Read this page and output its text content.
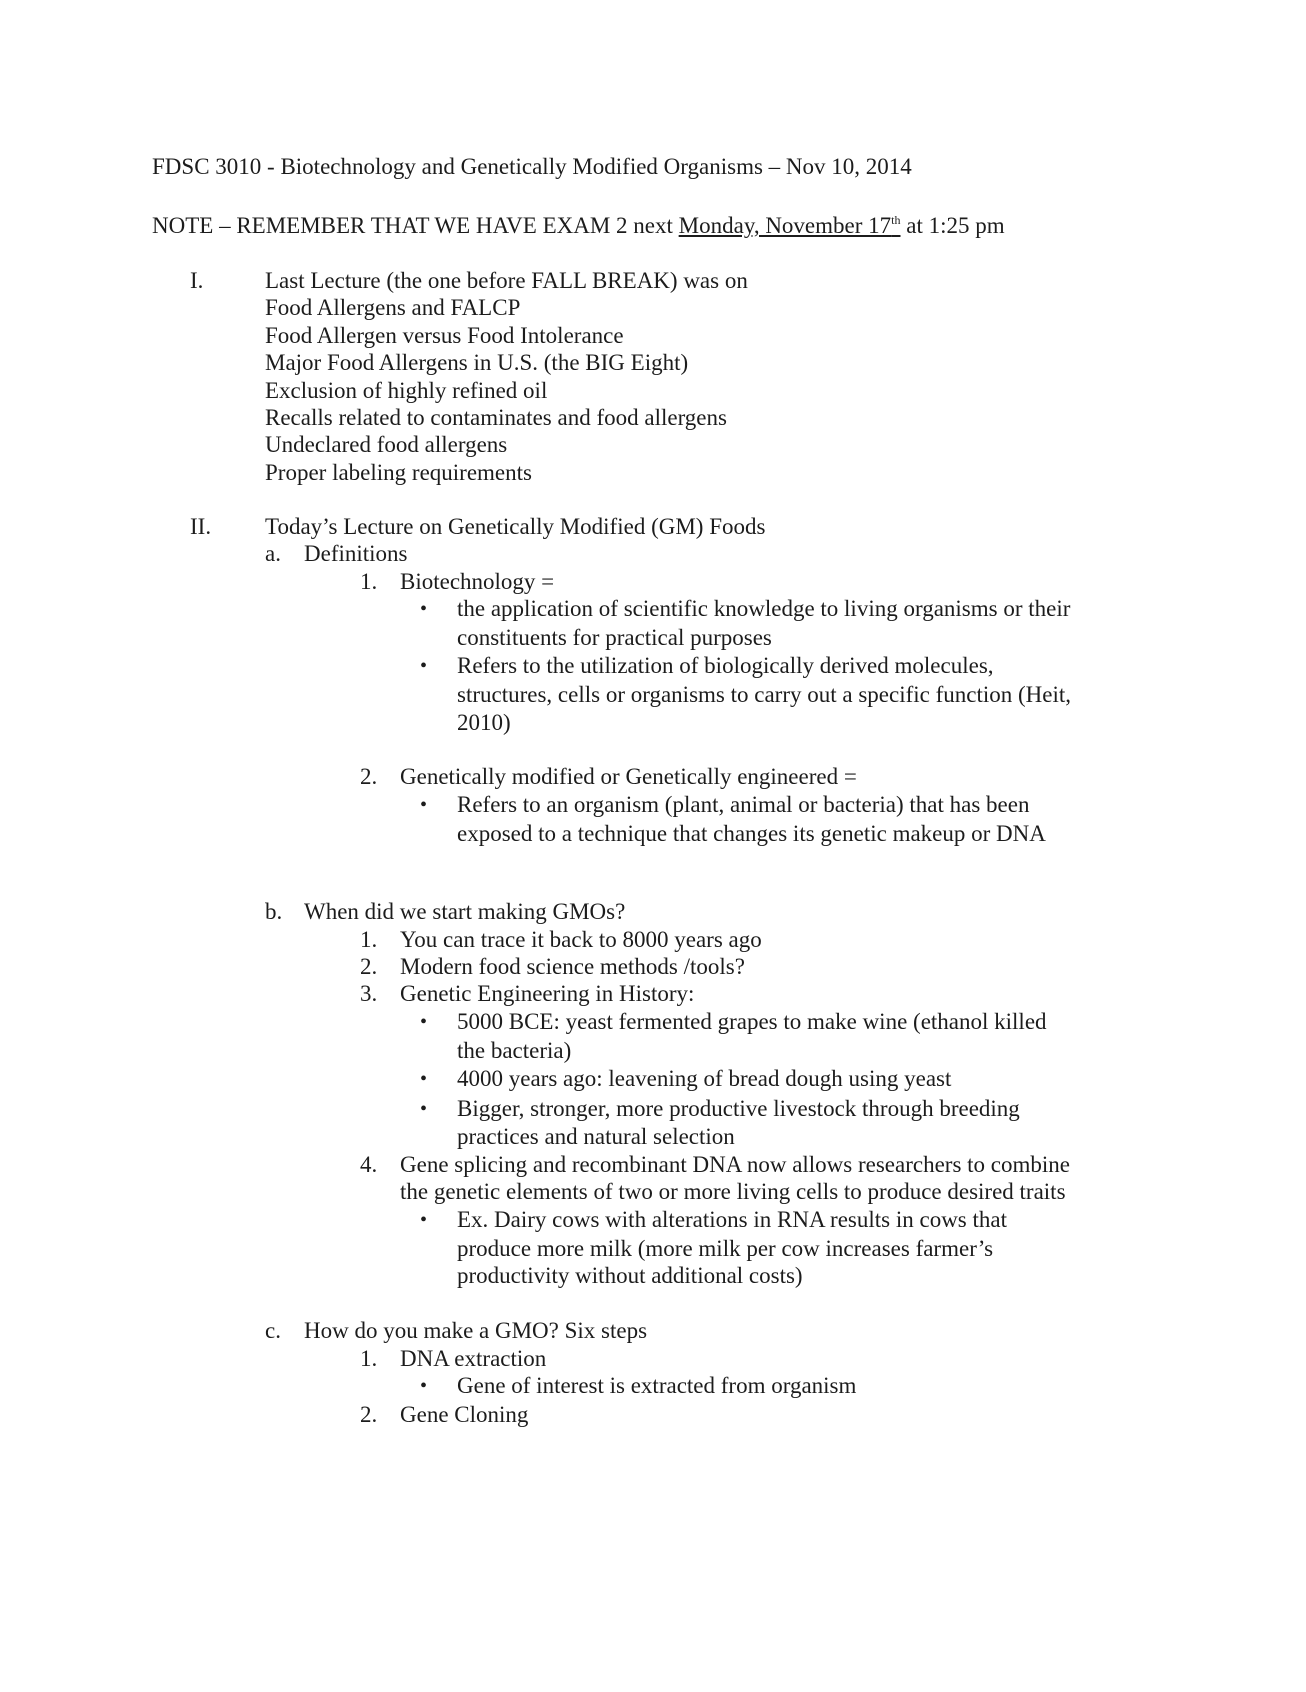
FDSC 3010 - Biotechnology and Genetically Modified Organisms – Nov 10, 2014
NOTE – REMEMBER THAT WE HAVE EXAM 2 next Monday, November 17th at 1:25 pm
I.	Last Lecture (the one before FALL BREAK) was on
Food Allergens and FALCP
Food Allergen versus Food Intolerance
Major Food Allergens in U.S. (the BIG Eight)
Exclusion of highly refined oil
Recalls related to contaminates and food allergens
Undeclared food allergens
Proper labeling requirements
II. Today’s Lecture on Genetically Modified (GM) Foods
a. Definitions
1. Biotechnology =
• the application of scientific knowledge to living organisms or their
constituents for practical purposes
• Refers to the utilization of biologically derived molecules,
structures, cells or organisms to carry out a specific function (Heit,
2010)
2. Genetically modified or Genetically engineered =
• Refers to an organism (plant, animal or bacteria) that has been
exposed to a technique that changes its genetic makeup or DNA
b. When did we start making GMOs?
1. You can trace it back to 8000 years ago
2. Modern food science methods /tools?
3. Genetic Engineering in History:
• 5000 BCE: yeast fermented grapes to make wine (ethanol killed
the bacteria)
• 4000 years ago: leavening of bread dough using yeast
• Bigger, stronger, more productive livestock through breeding
practices and natural selection
4. Gene splicing and recombinant DNA now allows researchers to combine
the genetic elements of two or more living cells to produce desired traits
• Ex. Dairy cows with alterations in RNA results in cows that
produce more milk (more milk per cow increases farmer’s
productivity without additional costs)
c. How do you make a GMO? Six steps
1. DNA extraction
• Gene of interest is extracted from organism
2. Gene Cloning
